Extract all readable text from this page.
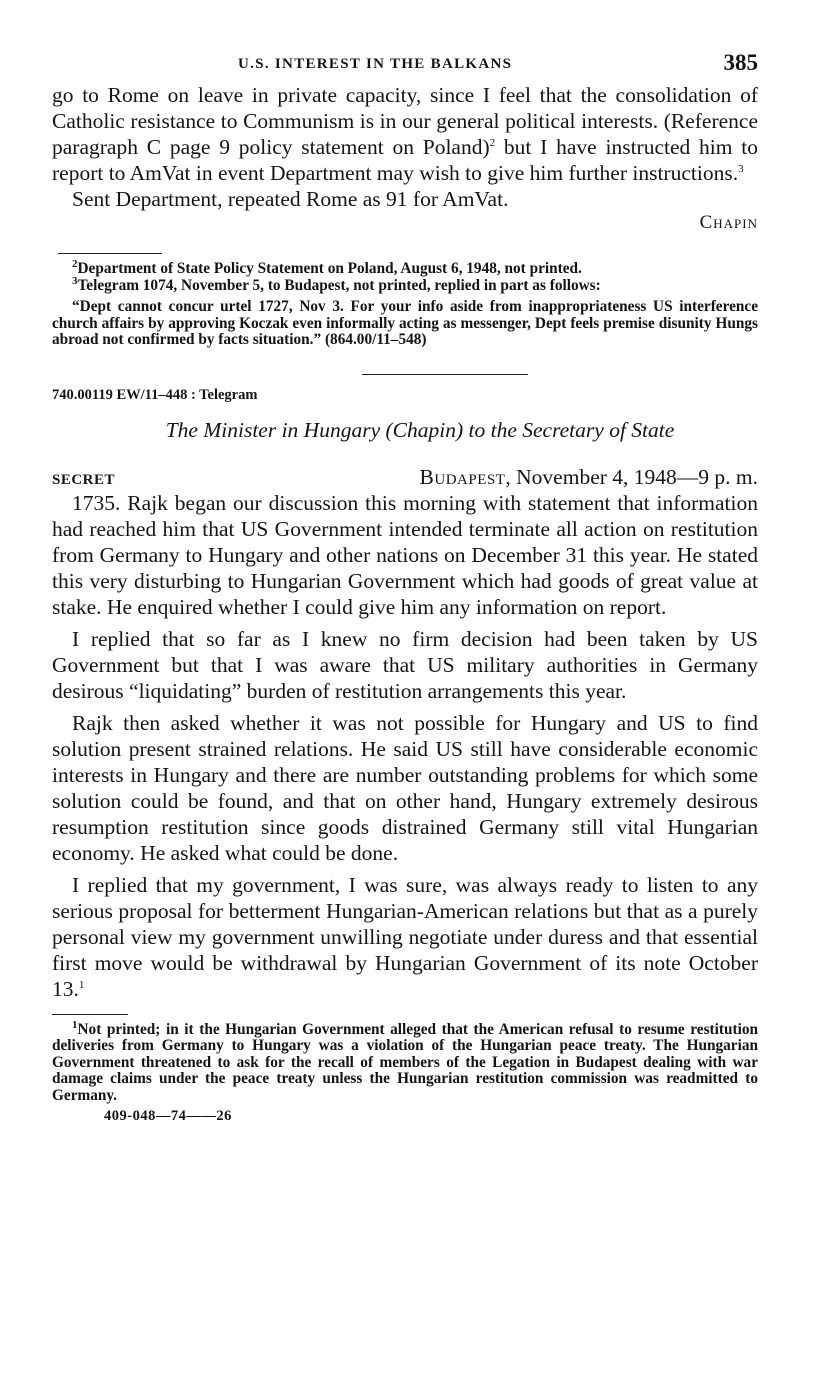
U.S. INTEREST IN THE BALKANS	385

go to Rome on leave in private capacity, since I feel that the consolidation of Catholic resistance to Communism is in our general political interests. (Reference paragraph C page 9 policy statement on Poland)$^2$ but I have instructed him to report to AmVat in event Department may wish to give him further instructions.$^3$

Sent Department, repeated Rome as 91 for AmVat.

Chapin

$^2$Department of State Policy Statement on Poland, August 6, 1948, not printed.

$^3$Telegram 1074, November 5, to Budapest, not printed, replied in part as follows:

“Dept cannot concur urtel 1727, Nov 3. For your info aside from inappropriateness US interference church affairs by approving Koczak even informally acting as messenger, Dept feels premise disunity Hungs abroad not confirmed by facts situation.” (864.00/11–548)

740.00119 EW/11–448 : Telegram
The Minister in Hungary (Chapin) to the Secretary of State
SECRET	Budapest, November 4, 1948—9 p. m.

1735. Rajk began our discussion this morning with statement that information had reached him that US Government intended terminate all action on restitution from Germany to Hungary and other nations on December 31 this year. He stated this very disturbing to Hungarian Government which had goods of great value at stake. He enquired whether I could give him any information on report.

I replied that so far as I knew no firm decision had been taken by US Government but that I was aware that US military authorities in Germany desirous “liquidating” burden of restitution arrangements this year.

Rajk then asked whether it was not possible for Hungary and US to find solution present strained relations. He said US still have considerable economic interests in Hungary and there are number outstanding problems for which some solution could be found, and that on other hand, Hungary extremely desirous resumption restitution since goods distrained Germany still vital Hungarian economy. He asked what could be done.

I replied that my government, I was sure, was always ready to listen to any serious proposal for betterment Hungarian-American relations but that as a purely personal view my government unwilling negotiate under duress and that essential first move would be withdrawal by Hungarian Government of its note October 13.$^1$

$^1$Not printed; in it the Hungarian Government alleged that the American refusal to resume restitution deliveries from Germany to Hungary was a violation of the Hungarian peace treaty. The Hungarian Government threatened to ask for the recall of members of the Legation in Budapest dealing with war damage claims under the peace treaty unless the Hungarian restitution commission was readmitted to Germany.

409-048—74——26
